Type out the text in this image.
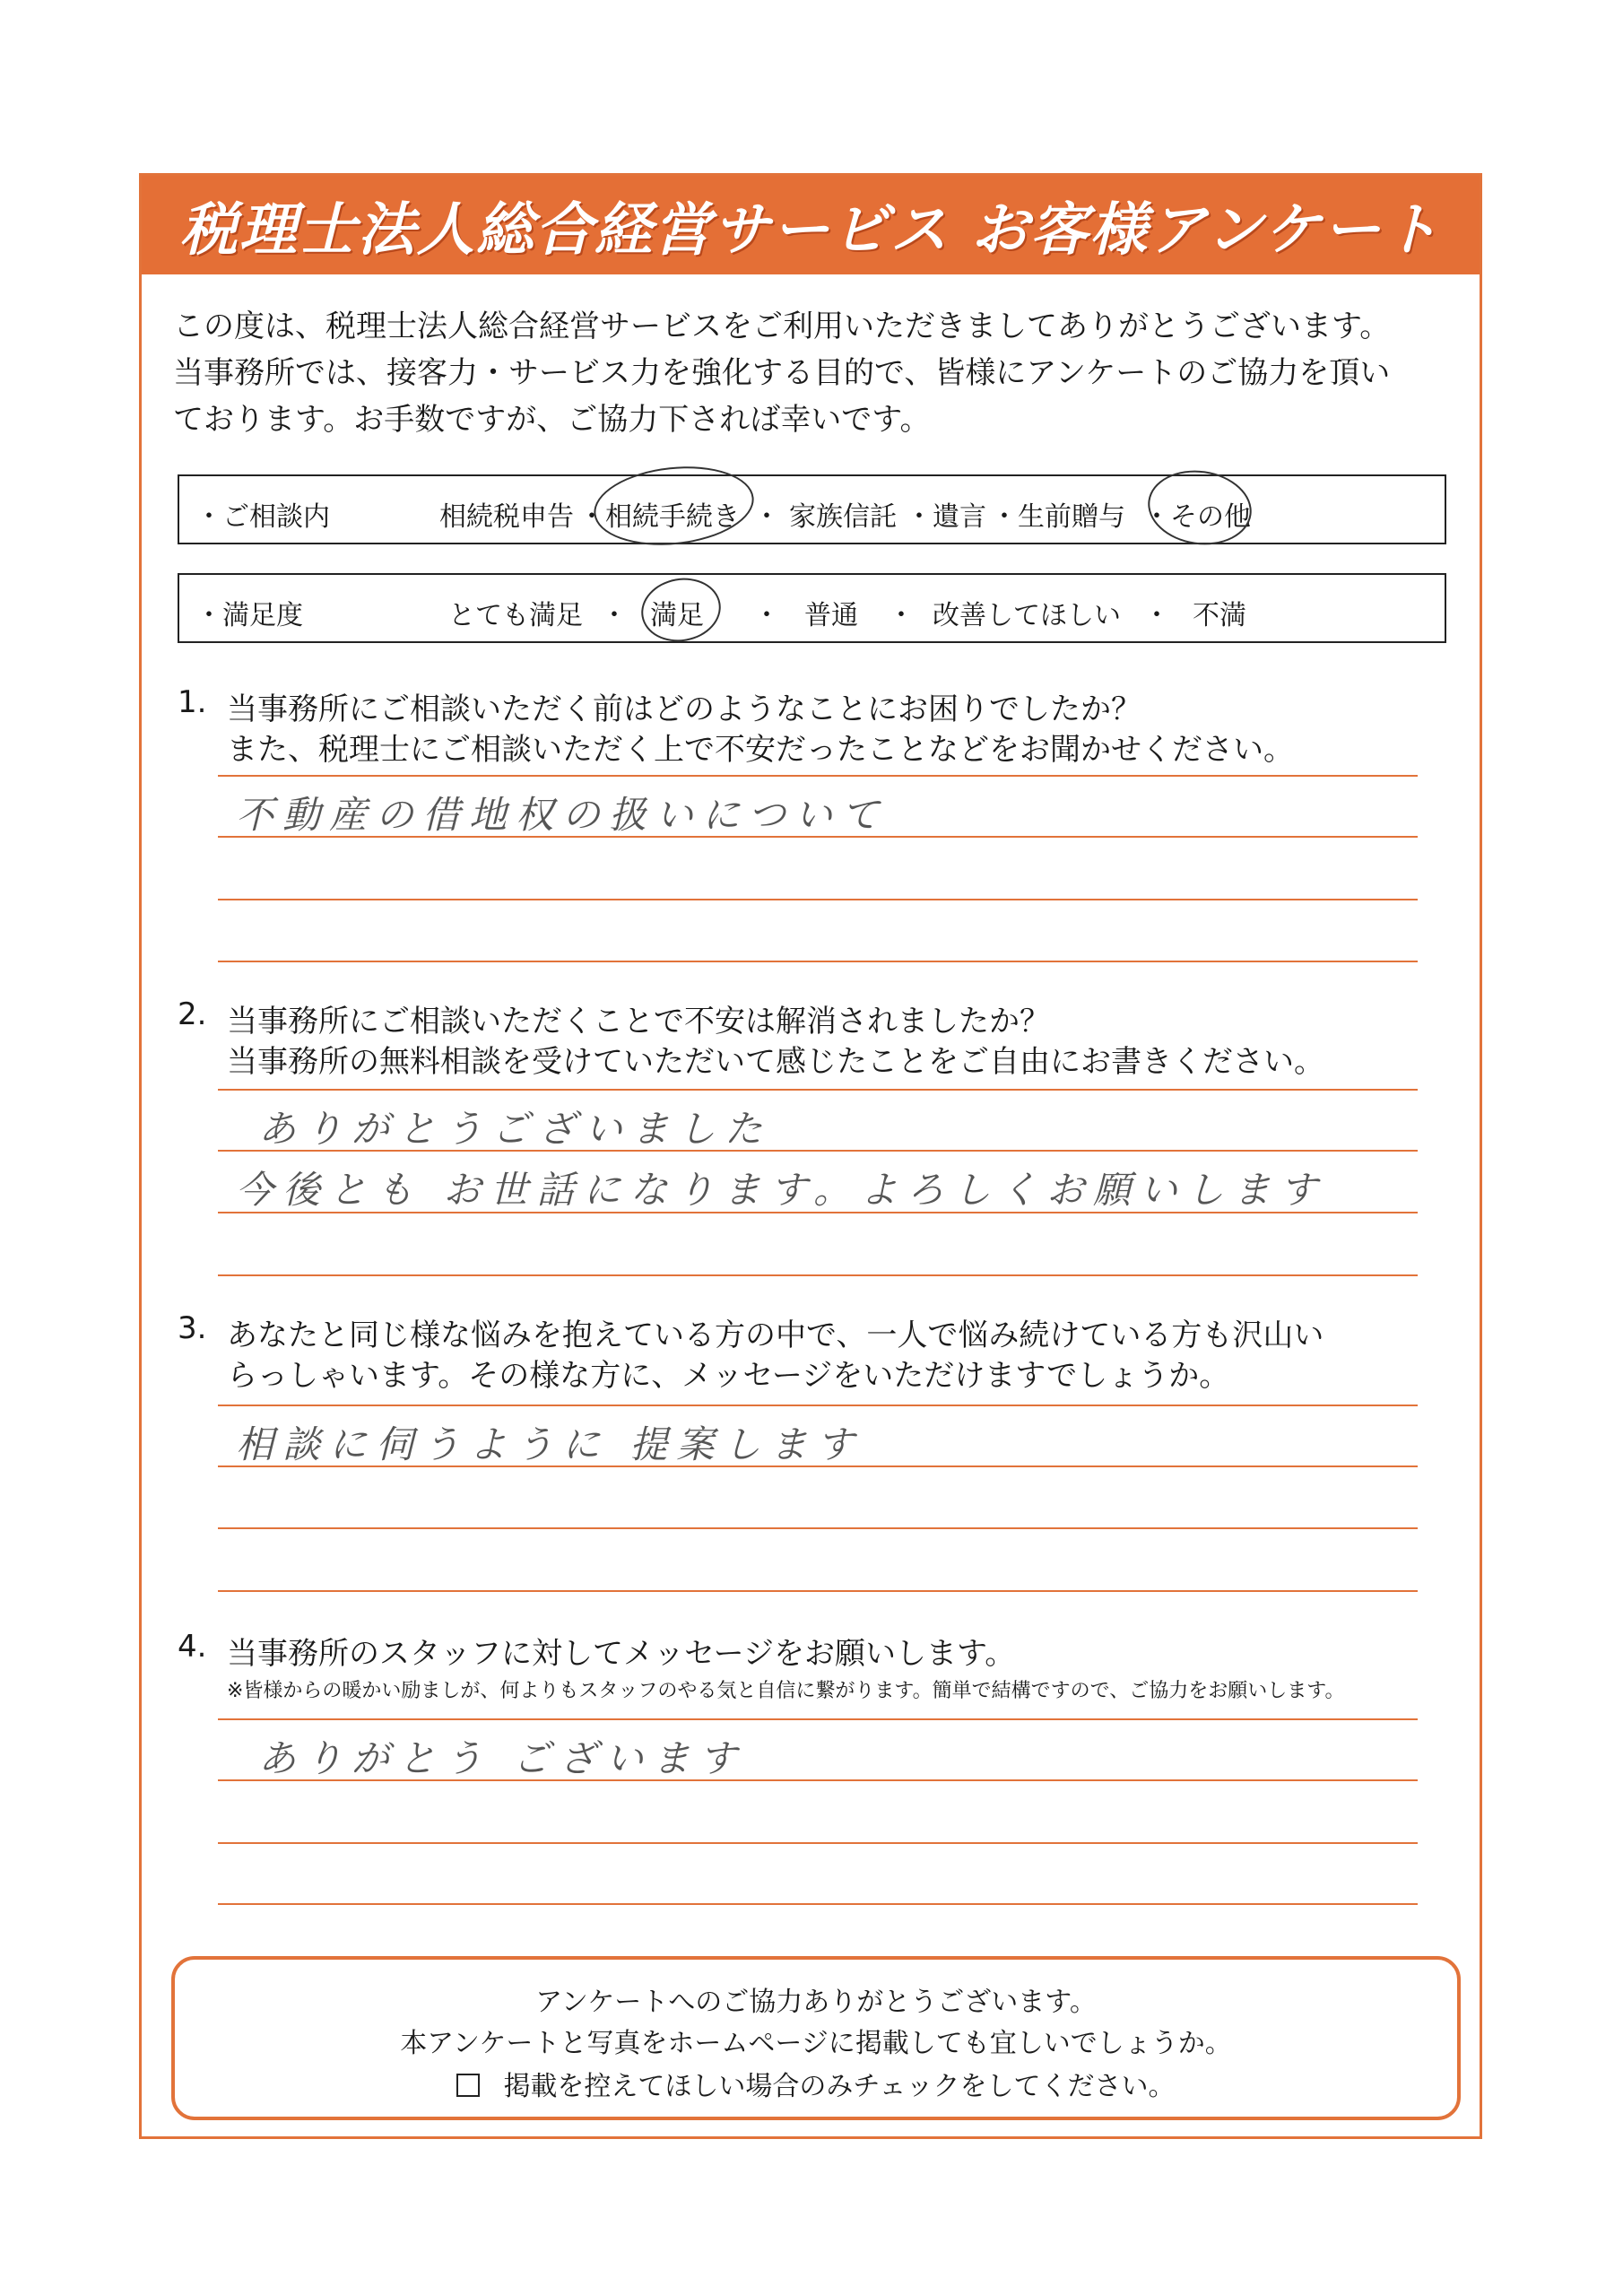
税理士法人総合経営サービス お客様アンケート

この度は、税理士法人総合経営サービスをご利用いただきましてありがとうございます。

当事務所では、接客力・サービス力を強化する目的で、皆様にアンケートのご協力を頂い

ております。お手数ですが、ご協力下されば幸いです。

・ご相談内	相続税申告 ・ 相続手続き ・ 家族信託 ・ 遺言 ・ 生前贈与 ・ その他
・満足度	とても満足 ・ 満足 ・ 普通 ・ 改善してほしい ・ 不満
1. 当事務所にご相談いただく前はどのようなことにお困りでしたか？
また、税理士にご相談いただく上で不安だったことなどをお聞かせください。
不動産の借地权の扱いについて
2. 当事務所にご相談いただくことで不安は解消されましたか？
当事務所の無料相談を受けていただいて感じたことをご自由にお書きください。
ありがとうございました
今後とも お世話になります。よろしくお願いします
3. あなたと同じ様な悩みを抱えている方の中で、一人で悩み続けている方も沢山い
らっしゃいます。その様な方に、メッセージをいただけますでしょうか。
相談に伺うように 提案します
4. 当事務所のスタッフに対してメッセージをお願いします。
※皆様からの暖かい励ましが、何よりもスタッフのやる気と自信に繋がります。簡単で結構ですので、ご協力をお願いします。
ありがとう ございます
アンケートへのご協力ありがとうございます。
本アンケートと写真をホームページに掲載しても宜しいでしょうか。
掲載を控えてほしい場合のみチェックをしてください。
